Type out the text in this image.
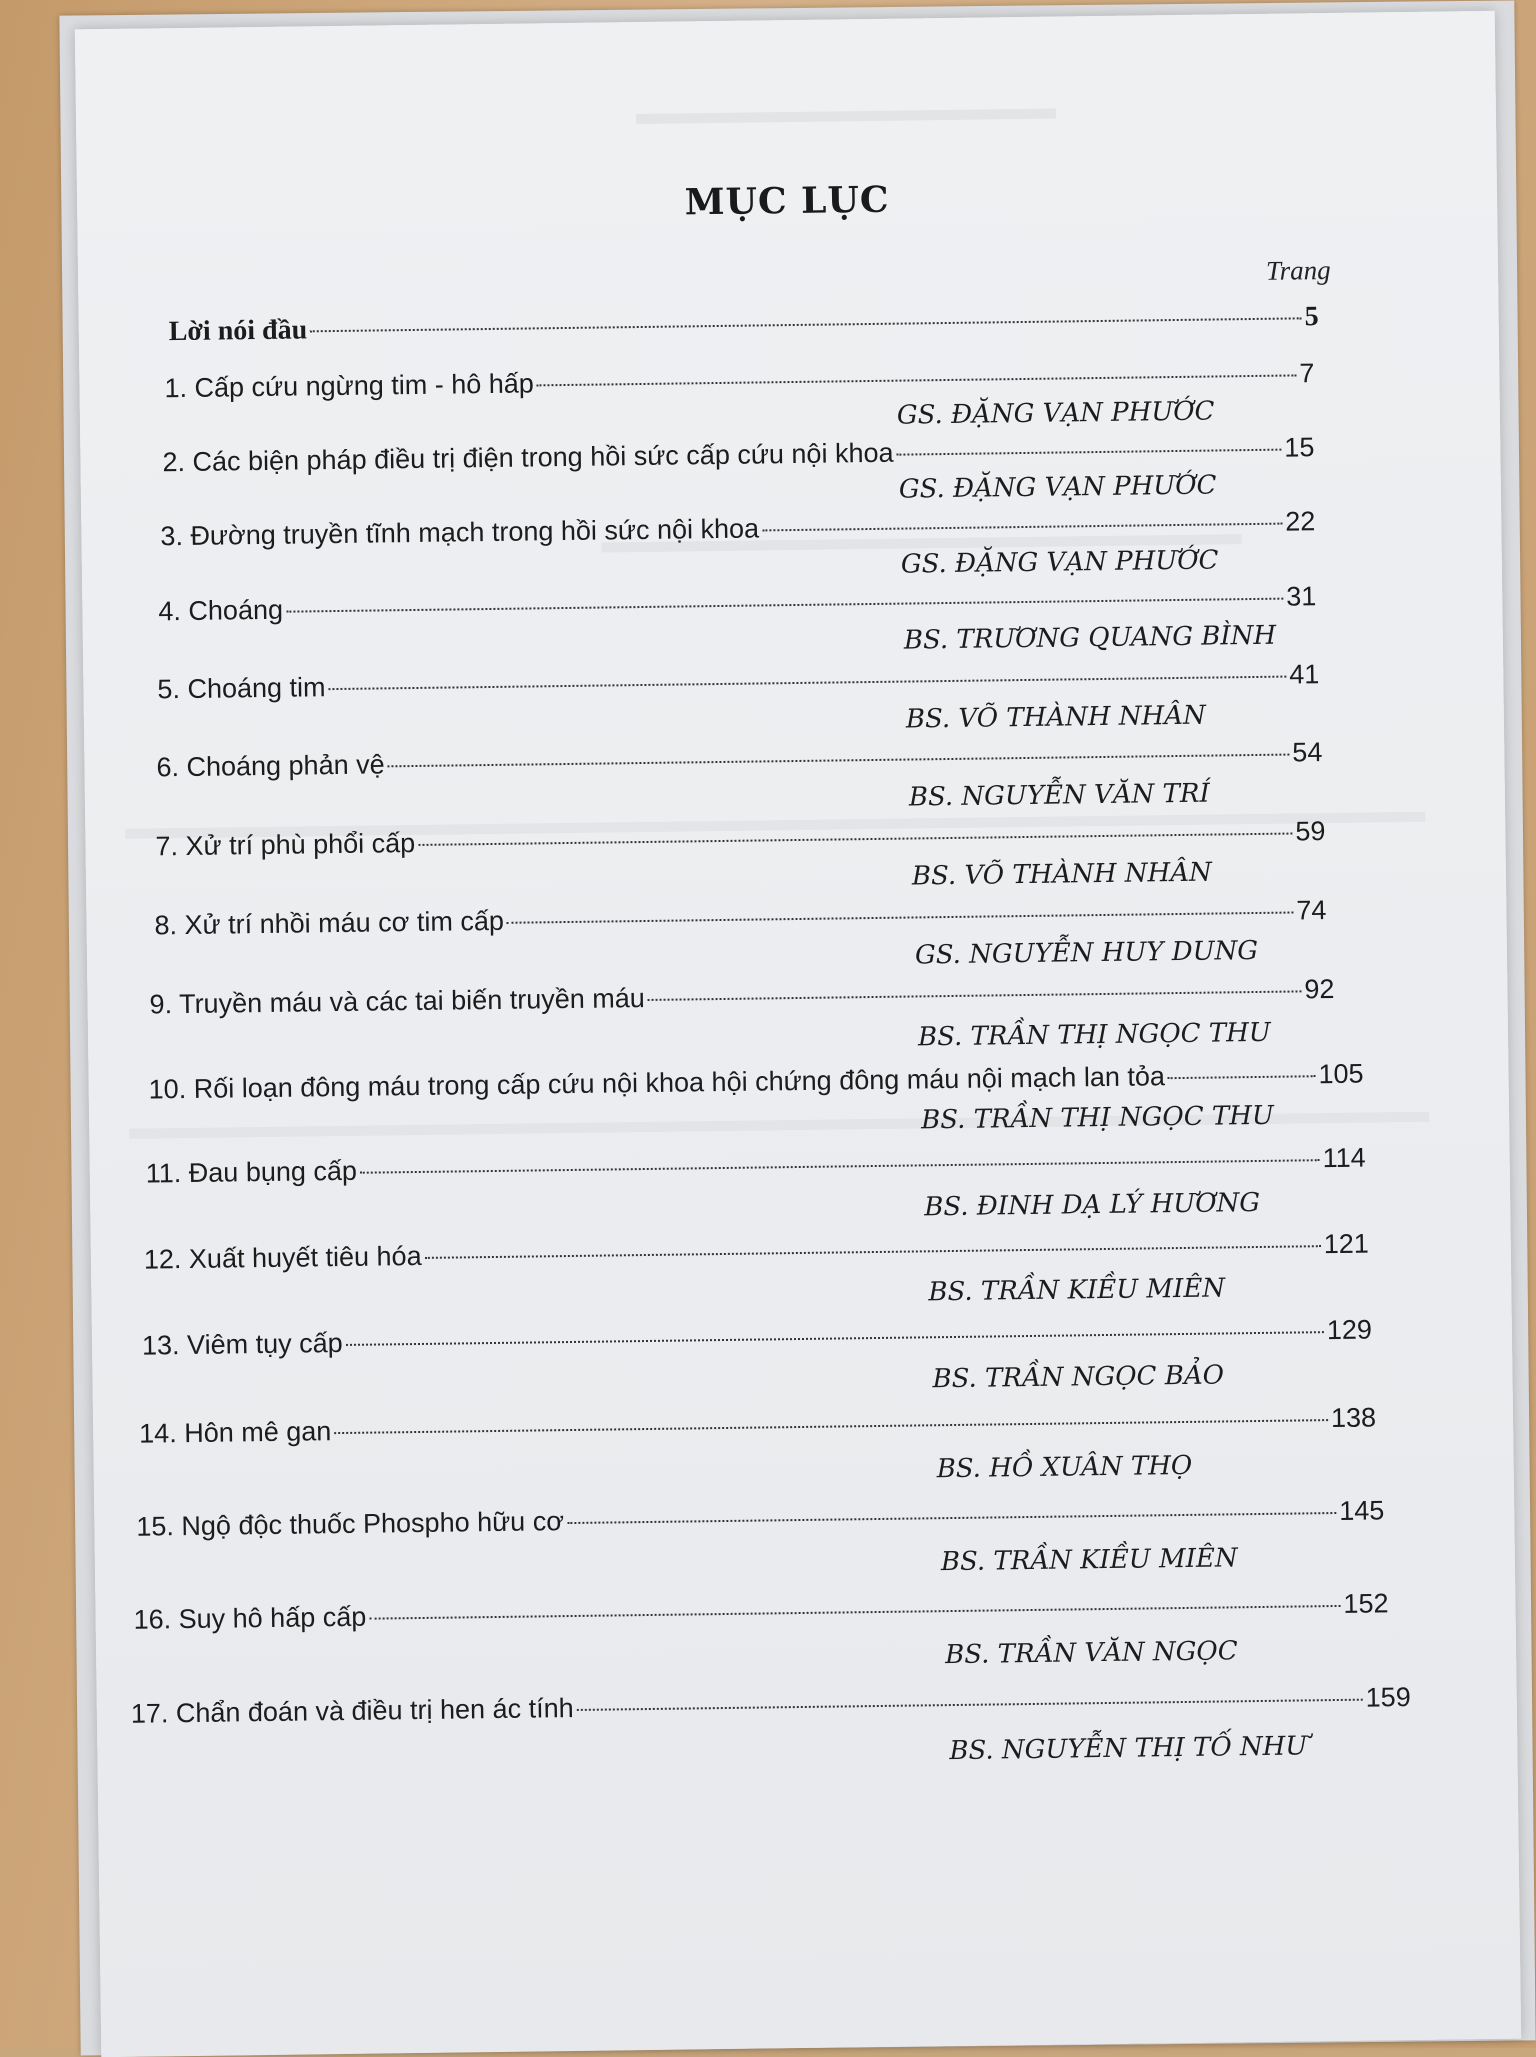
MỤC LỤC
Trang
Lời nói đầu	5
1. Cấp cứu ngừng tim - hô hấp	7
GS. ĐẶNG VẠN PHƯỚC
2. Các biện pháp điều trị điện trong hồi sức cấp cứu nội khoa	15
GS. ĐẶNG VẠN PHƯỚC
3. Đường truyền tĩnh mạch trong hồi sức nội khoa	22
GS. ĐẶNG VẠN PHƯỚC
4. Choáng	31
BS. TRƯƠNG QUANG BÌNH
5. Choáng tim	41
BS. VÕ THÀNH NHÂN
6. Choáng phản vệ	54
BS. NGUYỄN VĂN TRÍ
7. Xử trí phù phổi cấp	59
BS. VÕ THÀNH NHÂN
8. Xử trí nhồi máu cơ tim cấp	74
GS. NGUYỄN HUY DUNG
9. Truyền máu và các tai biến truyền máu	92
BS. TRẦN THỊ NGỌC THU
10. Rối loạn đông máu trong cấp cứu nội khoa hội chứng đông máu nội mạch lan tỏa	105
BS. TRẦN THỊ NGỌC THU
11. Đau bụng cấp	114
BS. ĐINH DẠ LÝ HƯƠNG
12. Xuất huyết tiêu hóa	121
BS. TRẦN KIỀU MIÊN
13. Viêm tụy cấp	129
BS. TRẦN NGỌC BẢO
14. Hôn mê gan	138
BS. HỒ XUÂN THỌ
15. Ngộ độc thuốc Phospho hữu cơ	145
BS. TRẦN KIỀU MIÊN
16. Suy hô hấp cấp	152
BS. TRẦN VĂN NGỌC
17. Chẩn đoán và điều trị hen ác tính	159
BS. NGUYỄN THỊ TỐ NHƯ
